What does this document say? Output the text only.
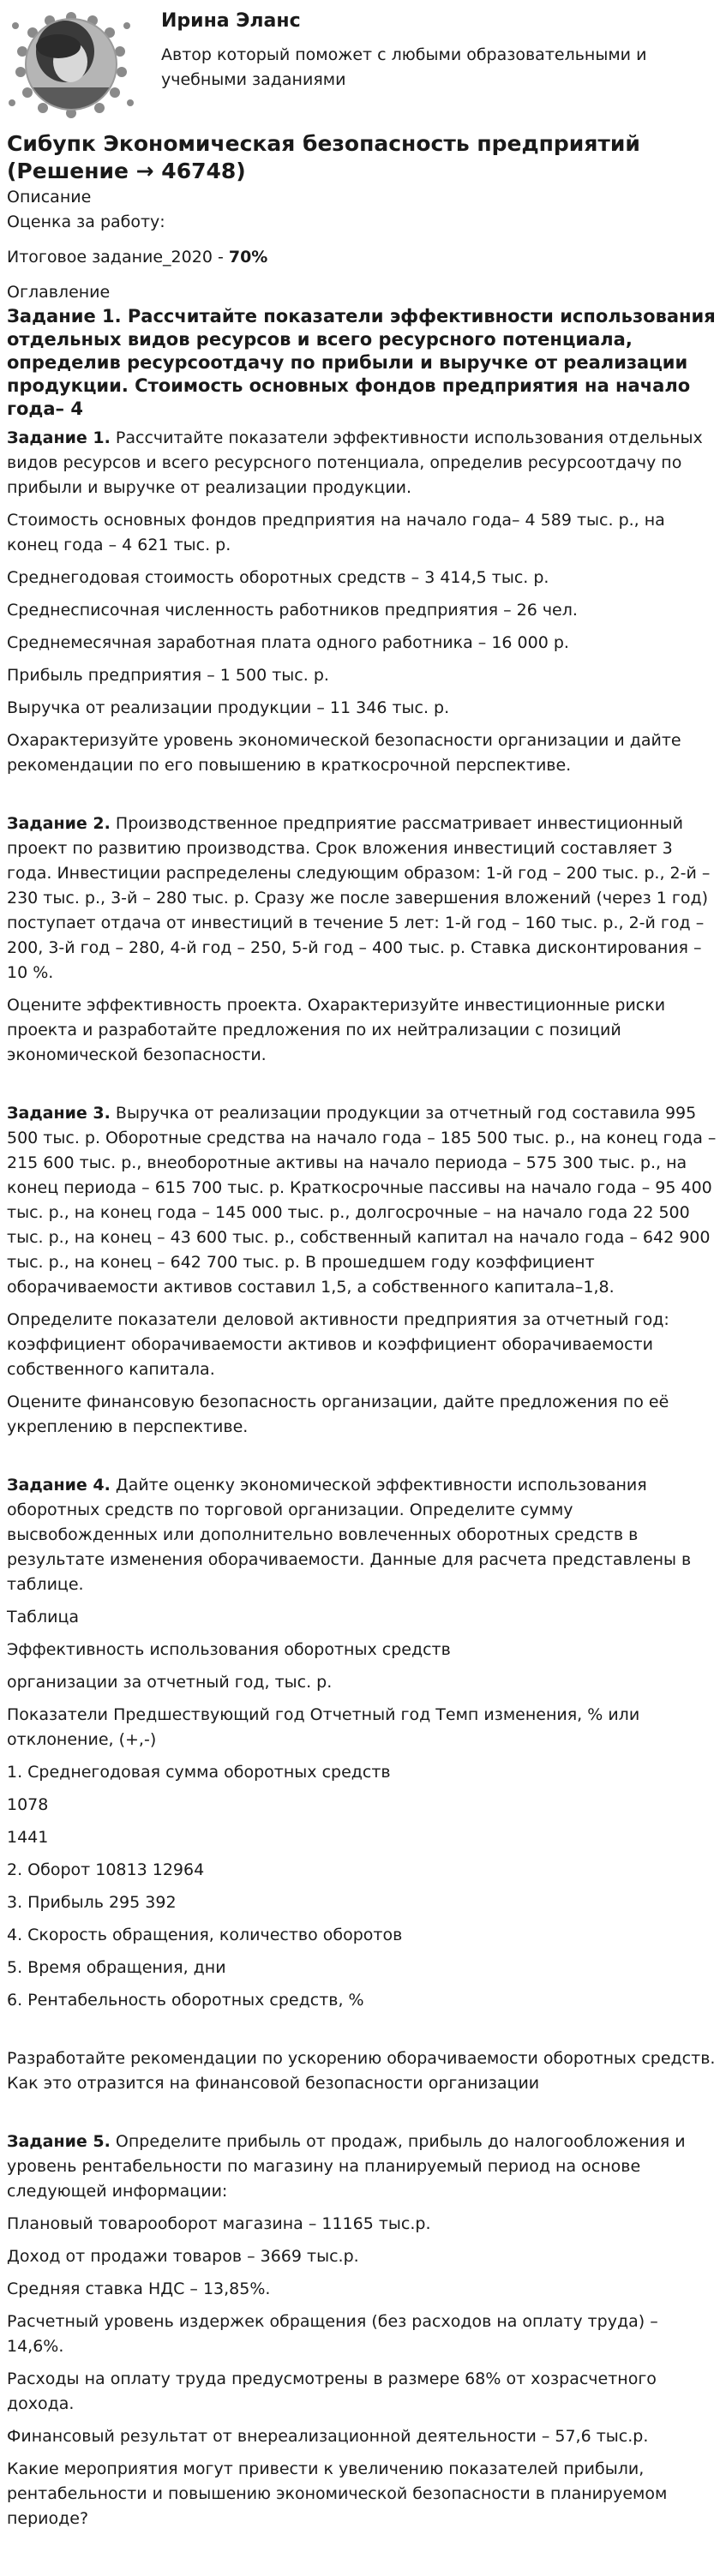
Ирина Эланс
Автор который поможет с любыми образовательными и учебными заданиями
Сибупк Экономическая безопасность предприятий (Решение → 46748)
Описание
Оценка за работу:
Итоговое задание_2020 - 70%
Оглавление
Задание 1. Рассчитайте показатели эффективности использования отдельных видов ресурсов и всего ресурсного потенциала, определив ресурсоотдачу по прибыли и выручке от реализации продукции. Стоимость основных фондов предприятия на начало года– 4

Задание 1. Рассчитайте показатели эффективности использования отдельных видов ресурсов и всего ресурсного потенциала, определив ресурсоотдачу по прибыли и выручке от реализации продукции.

Стоимость основных фондов предприятия на начало года– 4 589 тыс. р., на конец года – 4 621 тыс. р.

Среднегодовая стоимость оборотных средств – 3 414,5 тыс. р.

Среднесписочная численность работников предприятия – 26 чел.

Среднемесячная заработная плата одного работника – 16 000 р.

Прибыль предприятия – 1 500 тыс. р.

Выручка от реализации продукции – 11 346 тыс. р.

Охарактеризуйте уровень экономической безопасности организации и дайте рекомендации по его повышению в краткосрочной перспективе.

Задание 2. Производственное предприятие рассматривает инвестиционный проект по развитию производства. Срок вложения инвестиций составляет 3 года. Инвестиции распределены следующим образом: 1-й год – 200 тыс. р., 2-й – 230 тыс. р., 3-й – 280 тыс. р. Сразу же после завершения вложений (через 1 год) поступает отдача от инвестиций в течение 5 лет: 1-й год – 160 тыс. р., 2-й год – 200, 3-й год – 280, 4-й год – 250, 5-й год – 400 тыс. р. Ставка дисконтирования – 10 %.

Оцените эффективность проекта. Охарактеризуйте инвестиционные риски проекта и разработайте предложения по их нейтрализации с позиций экономической безопасности.

Задание 3. Выручка от реализации продукции за отчетный год составила 995 500 тыс. р. Оборотные средства на начало года – 185 500 тыс. р., на конец года – 215 600 тыс. р., внеоборотные активы на начало периода – 575 300 тыс. р., на конец периода – 615 700 тыс. р. Краткосрочные пассивы на начало года – 95 400 тыс. р., на конец года – 145 000 тыс. р., долгосрочные – на начало года 22 500 тыс. р., на конец – 43 600 тыс. р., собственный капитал на начало года – 642 900 тыс. р., на конец – 642 700 тыс. р. В прошедшем году коэффициент оборачиваемости активов составил 1,5, а собственного капитала–1,8.

Определите показатели деловой активности предприятия за отчетный год: коэффициент оборачиваемости активов и коэффициент оборачиваемости собственного капитала.

Оцените финансовую безопасность организации, дайте предложения по её укреплению в перспективе.

Задание 4. Дайте оценку экономической эффективности использования оборотных средств по торговой организации. Определите сумму высвобожденных или дополнительно вовлеченных оборотных средств в результате изменения оборачиваемости. Данные для расчета представлены в таблице.

Таблица

Эффективность использования оборотных средств

организации за отчетный год, тыс. р.

Показатели Предшествующий год Отчетный год Темп изменения, % или отклонение, (+,-)

1. Среднегодовая сумма оборотных средств

1078

1441

2. Оборот 10813 12964

3. Прибыль 295 392

4. Скорость обращения, количество оборотов

5. Время обращения, дни

6. Рентабельность оборотных средств, %

Разработайте рекомендации по ускорению оборачиваемости оборотных средств. Как это отразится на финансовой безопасности организации

Задание 5. Определите прибыль от продаж, прибыль до налогообложения и уровень рентабельности по магазину на планируемый период на основе следующей информации:

Плановый товарооборот магазина – 11165 тыс.р.

Доход от продажи товаров – 3669 тыс.р.

Средняя ставка НДС – 13,85%.

Расчетный уровень издержек обращения (без расходов на оплату труда) – 14,6%.

Расходы на оплату труда предусмотрены в размере 68% от хозрасчетного дохода.

Финансовый результат от внереализационной деятельности – 57,6 тыс.р.

Какие мероприятия могут привести к увеличению показателей прибыли, рентабельности и повышению экономической безопасности в планируемом периоде?
